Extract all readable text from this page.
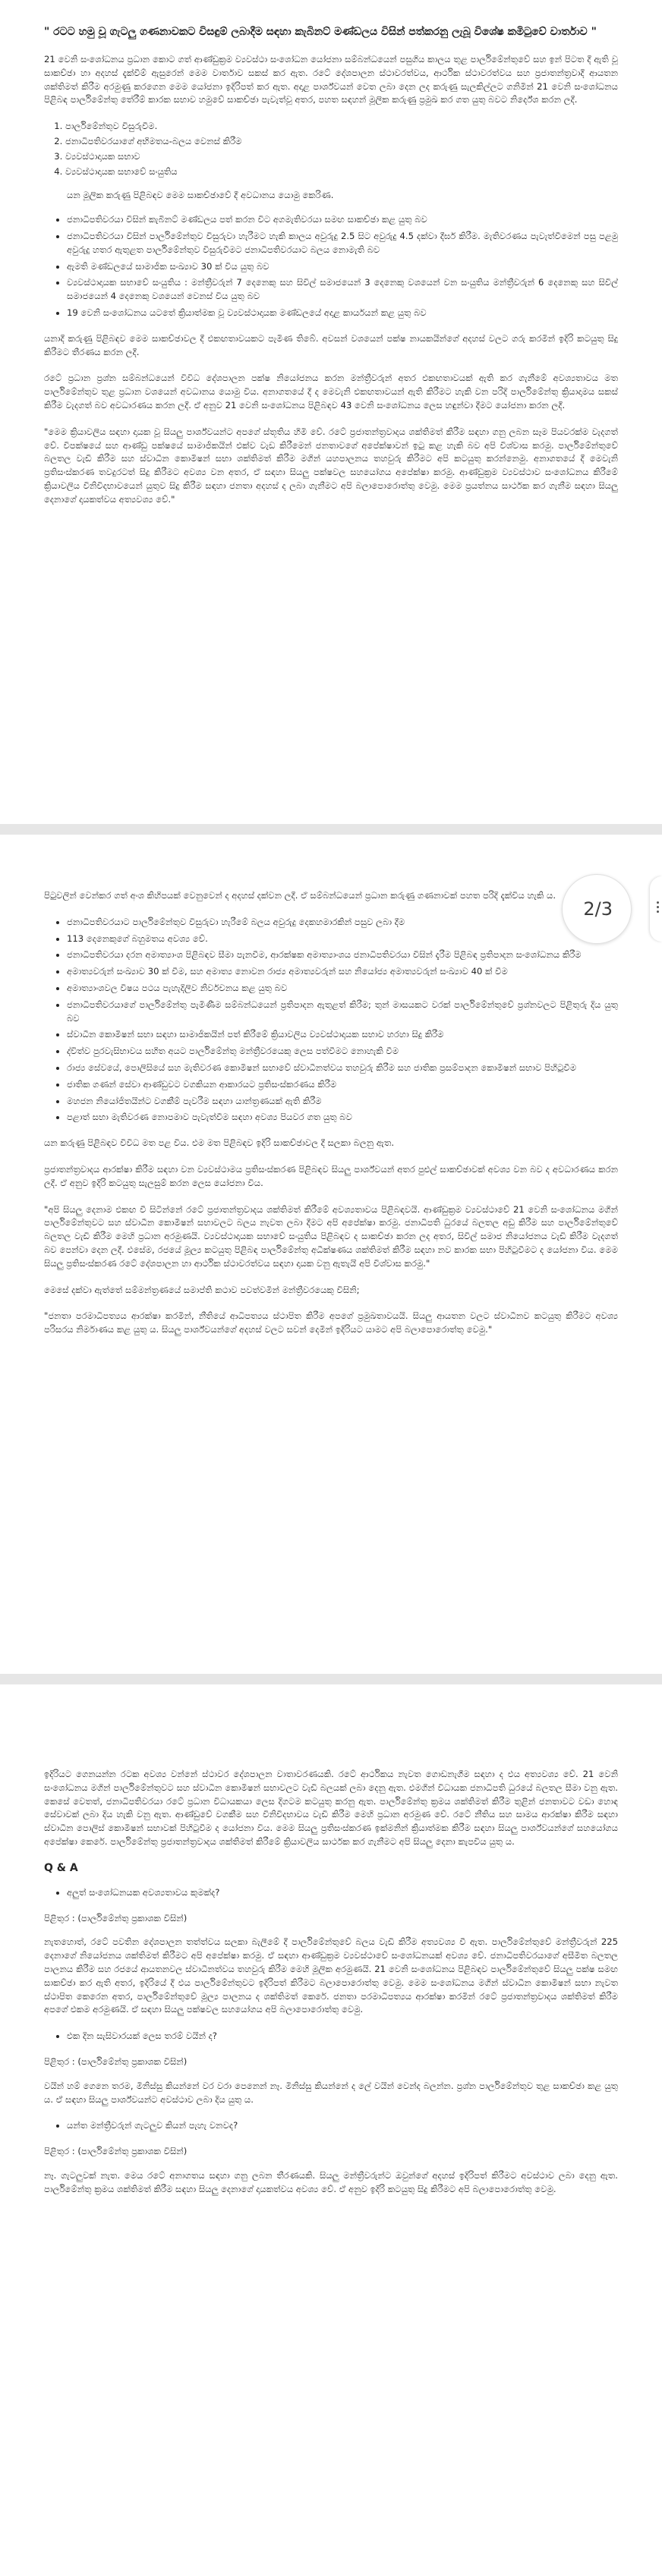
" රටට හමු වූ ගැටලු ගණනාවකට විසඳුම් ලබාදීම සඳහා කැබිනට් මණ්ඩලය විසින් පත්කරනු ලැබූ විශේෂ කමිටුවේ වාර්තාව "

21 වෙනි සංශෝධනය ප්‍රධාන කොට ගත් ආණ්ඩුක්‍රම ව්‍යවස්ථා සංශෝධන යෝජනා සම්බන්ධයෙන් පසුගිය කාලය තුළ පාර්ලිමේන්තුවේ සහ ඉන් පිටත දී ඇති වූ සාකච්ඡා හා අදහස් දැක්වීම් ඇසුරෙන් මෙම වාර්තාව සකස් කර ඇත. රටේ දේශපාලන ස්ථාවරත්වය, ආර්ථික ස්ථාවරත්වය සහ ප්‍රජාතන්ත්‍රවාදී ආයතන ශක්තිමත් කිරීම අරමුණු කරගෙන මෙම යෝජනා ඉදිරිපත් කර ඇත. අදාළ පාර්ශ්වයන් වෙත ලබා දෙන ලද කරුණු සැලකිල්ලට ගනිමින් 21 වෙනි සංශෝධනය පිළිබඳ පාර්ලිමේන්තු තේරීම් කාරක සභාව හමුවේ සාකච්ඡා පැවැත්වූ අතර, පහත සඳහන් මූලික කරුණු ප්‍රමුඛ කර ගත යුතු බවට නිර්දේශ කරන ලදී.

1. පාර්ලිමේන්තුව විසුරුවීම.
2. ජනාධිපතිවරයාගේ අභිමතය-බලය වෙනස් කිරීම
3. ව්‍යවස්ථාදායක සභාව
4. ව්‍යවස්ථාදායක සභාවේ සංයුතිය

යන මූලික කරුණු පිළිබඳව මෙම සාකච්ඡාවේ දී අවධානය යොමු කෙරිණ.

• ජනාධිපතිවරයා විසින් කැබිනට් මණ්ඩලය පත් කරන විට අගමැතිවරයා සමඟ සාකච්ඡා කළ යුතු බව
• ජනාධිපතිවරයා විසින් පාර්ලිමේන්තුව විසුරුවා හැරීමට හැකි කාලය අවුරුදු 2.5 සිට අවුරුදු 4.5 දක්වා දීර්ඝ කිරීම. මැතිවරණය පැවැත්වීමෙන් පසු පළමු අවුරුදු හතර ඇතුළත පාර්ලිමේන්තුව විසුරුවීමට ජනාධිපතිවරයාට බලය නොමැති බව
• ඇමති මණ්ඩලයේ සාමාජික සංඛ්‍යාව 30 ක් විය යුතු බව
• ව්‍යවස්ථාදායක සභාවේ සංයුතිය : මන්ත්‍රීවරුන් 7 දෙනෙකු සහ සිවිල් සමාජයෙන් 3 දෙනෙකු වශයෙන් වන සංයුතිය මන්ත්‍රීවරුන් 6 දෙනෙකු සහ සිවිල් සමාජයෙන් 4 දෙනෙකු වශයෙන් වෙනස් විය යුතු බව
• 19 වෙනි සංශෝධනය යටතේ ක්‍රියාත්මක වූ ව්‍යවස්ථාදායක මණ්ඩලයේ අදාළ කාර්යයන් කළ යුතු බව

යනාදී කරුණු පිළිබඳව මෙම සාකච්ඡාවල දී එකඟතාවයකට පැමිණ තිබේ. අවසන් වශයෙන් පක්ෂ නායකයින්ගේ අදහස් වලට ගරු කරමින් ඉදිරි කටයුතු සිදු කිරීමට තීරණය කරන ලදී.

රටේ ප්‍රධාන ප්‍රශ්න සම්බන්ධයෙන් විවිධ දේශපාලන පක්ෂ නියෝජනය කරන මන්ත්‍රීවරුන් අතර එකඟතාවයක් ඇති කර ගැනීමේ අවශ්‍යතාවය මත පාර්ලිමේන්තුව තුළ ප්‍රධාන වශයෙන් අවධානය යොමු විය. අනාගතයේ දී ද මෙවැනි එකඟතාවයන් ඇති කිරීමට හැකි වන පරිදි පාර්ලිමේන්තු ක්‍රියාදාමය සකස් කිරීම වැදගත් බව අවධාරණය කරන ලදී. ඒ අනුව 21 වෙනි සංශෝධනය පිළිබඳව 43 වෙනි සංශෝධනය ලෙස හඳුන්වා දීමට යෝජනා කරන ලදී.

"මෙම ක්‍රියාවලිය සඳහා දායක වූ සියලු පාර්ශ්වයන්ට අපගේ ස්තූතිය හිමි වේ. රටේ ප්‍රජාතන්ත්‍රවාදය ශක්තිමත් කිරීම සඳහා ගනු ලබන සෑම පියවරක්ම වැදගත් වේ. විපක්ෂයේ සහ ආණ්ඩු පක්ෂයේ සාමාජිකයින් එක්ව වැඩ කිරීමෙන් ජනතාවගේ අපේක්ෂාවන් ඉටු කළ හැකි බව අපි විශ්වාස කරමු. පාර්ලිමේන්තුවේ බලතල වැඩි කිරීම සහ ස්වාධීන කොමිෂන් සභා ශක්තිමත් කිරීම මගින් යහපාලනය තහවුරු කිරීමට අපි කටයුතු කරන්නෙමු. අනාගතයේ දී මෙවැනි ප්‍රතිසංස්කරණ තවදුරටත් සිදු කිරීමට අවශ්‍ය වන අතර, ඒ සඳහා සියලු පක්ෂවල සහයෝගය අපේක්ෂා කරමු. ආණ්ඩුක්‍රම ව්‍යවස්ථාව සංශෝධනය කිරීමේ ක්‍රියාවලිය විනිවිදභාවයෙන් යුතුව සිදු කිරීම සඳහා ජනතා අදහස් ද ලබා ගැනීමට අපි බලාපොරොත්තු වෙමු. මෙම ප්‍රයත්නය සාර්ථක කර ගැනීම සඳහා සියලු දෙනාගේ දායකත්වය අත්‍යවශ්‍ය වේ."

පිටුවලින් වෙන්කර ගත් අංශ කිහිපයක් වෙනුවෙන් ද අදහස් දක්වන ලදී. ඒ සම්බන්ධයෙන් ප්‍රධාන කරුණු ගණනාවක් පහත පරිදි දැක්විය හැකි ය.

• ජනාධිපතිවරයාට පාර්ලිමේන්තුව විසුරුවා හැරීමේ බලය අවුරුදු දෙකහමාරකින් පසුව ලබා දීම
• 113 දෙනෙකුගේ බහුමතය අවශ්‍ය වේ.
• ජනාධිපතිවරයා දරන අමාත්‍යාංශ පිළිබඳව සීමා පැනවීම, ආරක්ෂක අමාත්‍යාංශය ජනාධිපතිවරයා විසින් දැරීම පිළිබඳ ප්‍රතිපාදන සංශෝධනය කිරීම
• අමාත්‍යවරුන් සංඛ්‍යාව 30 ක් වීම, සහ අමාත්‍ය නොවන රාජ්‍ය අමාත්‍යවරුන් සහ නියෝජ්‍ය අමාත්‍යවරුන් සංඛ්‍යාව 40 ක් වීම
• අමාත්‍යාංශවල විෂය පථය පැහැදිලිව නිර්වචනය කළ යුතු බව
• ජනාධිපතිවරයාගේ පාර්ලිමේන්තු පැමිණීම සම්බන්ධයෙන් ප්‍රතිපාදන ඇතුළත් කිරීම; තුන් මාසයකට වරක් පාර්ලිමේන්තුවේ ප්‍රශ්නවලට පිළිතුරු දිය යුතු බව
• ස්වාධීන කොමිෂන් සභා සඳහා සාමාජිකයින් පත් කිරීමේ ක්‍රියාවලිය ව්‍යවස්ථාදායක සභාව හරහා සිදු කිරීම
• ද්විත්ව පුරවැසිභාවය සහිත අයට පාර්ලිමේන්තු මන්ත්‍රීවරයෙකු ලෙස පත්වීමට නොහැකි වීම
• රාජ්‍ය සේවයේ, පොලිසියේ සහ මැතිවරණ කොමිෂන් සභාවේ ස්වාධීනත්වය තහවුරු කිරීම සහ ජාතික ප්‍රසම්පාදන කොමිෂන් සභාව පිහිටුවීම
• ජාතික ගණන් සේවා ආණ්ඩුවට වගකියන ආකාරයට ප්‍රතිසංස්කරණය කිරීම
• මහජන නියෝජිතයින්ට වගකීම් පැවරීම සඳහා යාන්ත්‍රණයක් ඇති කිරීම
• පළාත් සභා මැතිවරණ නොපමාව පැවැත්වීම සඳහා අවශ්‍ය පියවර ගත යුතු බව

යන කරුණු පිළිබඳව විවිධ මත පළ විය. එම මත පිළිබඳව ඉදිරි සාකච්ඡාවල දී සලකා බලනු ඇත.

ප්‍රජාතන්ත්‍රවාදය ආරක්ෂා කිරීම සඳහා වන ව්‍යවස්ථාමය ප්‍රතිසංස්කරණ පිළිබඳව සියලු පාර්ශ්වයන් අතර පුළුල් සාකච්ඡාවක් අවශ්‍ය වන බව ද අවධාරණය කරන ලදී. ඒ අනුව ඉදිරි කටයුතු සැලසුම් කරන ලෙස යෝජනා විය.

"අපි සියලු දෙනාම එකඟ වී සිටින්නේ රටේ ප්‍රජාතන්ත්‍රවාදය ශක්තිමත් කිරීමේ අවශ්‍යතාවය පිළිබඳවයි. ආණ්ඩුක්‍රම ව්‍යවස්ථාවේ 21 වෙනි සංශෝධනය මගින් පාර්ලිමේන්තුවට සහ ස්වාධීන කොමිෂන් සභාවලට බලය නැවත ලබා දීමට අපි අපේක්ෂා කරමු. ජනාධිපති ධුරයේ බලතල අඩු කිරීම සහ පාර්ලිමේන්තුවේ බලතල වැඩි කිරීම මෙහි ප්‍රධාන අරමුණයි. ව්‍යවස්ථාදායක සභාවේ සංයුතිය පිළිබඳව ද සාකච්ඡා කරන ලද අතර, සිවිල් සමාජ නියෝජනය වැඩි කිරීම වැදගත් බව පෙන්වා දෙන ලදී. එසේම, රජයේ මූල්‍ය කටයුතු පිළිබඳ පාර්ලිමේන්තු අධීක්ෂණය ශක්තිමත් කිරීම සඳහා නව කාරක සභා පිහිටුවීමට ද යෝජනා විය. මෙම සියලු ප්‍රතිසංස්කරණ රටේ දේශපාලන හා ආර්ථික ස්ථාවරත්වය සඳහා දායක වනු ඇතැයි අපි විශ්වාස කරමු."

මෙසේ දක්වා ඇත්තේ සම්මන්ත්‍රණයේ සමාප්ති කථාව පවත්වමින් මන්ත්‍රීවරයෙකු විසිනි;

"ජනතා පරමාධිපත්‍යය ආරක්ෂා කරමින්, නීතියේ ආධිපත්‍යය ස්ථාපිත කිරීම අපගේ ප්‍රමුඛතාවයයි. සියලු ආයතන වලට ස්වාධීනව කටයුතු කිරීමට අවශ්‍ය පරිසරය නිර්මාණය කළ යුතු ය. සියලු පාර්ශ්වයන්ගේ අදහස් වලට සවන් දෙමින් ඉදිරියට යාමට අපි බලාපොරොත්තු වෙමු."

ඉදිරියට ගෙනයන්න රටක අවශ්‍ය වන්නේ ස්ථාවර දේශපාලන වාතාවරණයකි. රටේ ආර්ථිකය නැවත ගොඩනැගීම සඳහා ද එය අත්‍යවශ්‍ය වේ. 21 වෙනි සංශෝධනය මගින් පාර්ලිමේන්තුවට සහ ස්වාධීන කොමිෂන් සභාවලට වැඩි බලයක් ලබා දෙනු ඇත. එමගින් විධායක ජනාධිපති ධුරයේ බලතල සීමා වනු ඇත. කෙසේ වෙතත්, ජනාධිපතිවරයා රටේ ප්‍රධාන විධායකයා ලෙස දිගටම කටයුතු කරනු ඇත. පාර්ලිමේන්තු ක්‍රමය ශක්තිමත් කිරීම තුළින් ජනතාවට වඩා හොඳ සේවාවක් ලබා දිය හැකි වනු ඇත. ආණ්ඩුවේ වගකීම සහ විනිවිදභාවය වැඩි කිරීම මෙහි ප්‍රධාන අරමුණ වේ. රටේ නීතිය සහ සාමය ආරක්ෂා කිරීම සඳහා ස්වාධීන පොලිස් කොමිෂන් සභාවක් පිහිටුවීම ද යෝජනා විය. මෙම සියලු ප්‍රතිසංස්කරණ ඉක්මනින් ක්‍රියාත්මක කිරීම සඳහා සියලු පාර්ශ්වයන්ගේ සහයෝගය අපේක්ෂා කෙරේ. පාර්ලිමේන්තු ප්‍රජාතන්ත්‍රවාදය ශක්තිමත් කිරීමේ ක්‍රියාවලිය සාර්ථක කර ගැනීමට අපි සියලු දෙනා කැපවිය යුතු ය.

Q & A
• අලුත් සංශෝධනයක අවශ්‍යතාවය කුමක්ද?

පිළිතුර : (පාර්ලිමේන්තු ප්‍රකාශක විසින්)

නැතහොත්, රටේ පවතින දේශපාලන තත්ත්වය සලකා බැලීමේ දී පාර්ලිමේන්තුවේ බලය වැඩි කිරීම අත්‍යවශ්‍ය වී ඇත. පාර්ලිමේන්තුවේ මන්ත්‍රීවරුන් 225 දෙනාගේ නියෝජනය ශක්තිමත් කිරීමට අපි අපේක්ෂා කරමු. ඒ සඳහා ආණ්ඩුක්‍රම ව්‍යවස්ථාවේ සංශෝධනයක් අවශ්‍ය වේ. ජනාධිපතිවරයාගේ අසීමිත බලතල පාලනය කිරීම සහ රජයේ ආයතනවල ස්වාධීනත්වය තහවුරු කිරීම මෙහි මූලික අරමුණයි. 21 වෙනි සංශෝධනය පිළිබඳව පාර්ලිමේන්තුවේ සියලු පක්ෂ සමඟ සාකච්ඡා කර ඇති අතර, ඉදිරියේ දී එය පාර්ලිමේන්තුවට ඉදිරිපත් කිරීමට බලාපොරොත්තු වෙමු. මෙම සංශෝධනය මගින් ස්වාධීන කොමිෂන් සභා නැවත ස්ථාපිත කෙරෙන අතර, පාර්ලිමේන්තුවේ මූල්‍ය පාලනය ද ශක්තිමත් කෙරේ. ජනතා පරමාධිපත්‍යය ආරක්ෂා කරමින් රටේ ප්‍රජාතන්ත්‍රවාදය ශක්තිමත් කිරීම අපගේ එකම අරමුණයි. ඒ සඳහා සියලු පක්ෂවල සහයෝගය අපි බලාපොරොත්තු වෙමු.

• එක දින සැසිවාරයක් ලෙස තරම් වයින් ද?

පිළිතුර : (පාර්ලිමේන්තු ප්‍රකාශක විසින්)

වයින් හම් ගෙනෙ තරම, මිනිස්සු කියන්නේ වර වරා පෙනෙන් නෑ. මිනිස්සු කියන්නේ ද ලේ වයින් වෙන්ද බලන්න. ප්‍රශ්න පාර්ලිමේන්තුව තුළ සාකච්ඡා කළ යුතු ය. ඒ සඳහා සියලු පාර්ශ්වයන්ට අවස්ථාව ලබා දිය යුතු ය.

• යන්ත මන්ත්‍රීවරුන් ගැටලුව කියන් පැහැ වනවද?

පිළිතුර : (පාර්ලිමේන්තු ප්‍රකාශක විසින්)

නෑ. ගැටලුවක් නැත. මෙය රටේ අනාගතය සඳහා ගනු ලබන තීරණයකි. සියලු මන්ත්‍රීවරුන්ට ඔවුන්ගේ අදහස් ඉදිරිපත් කිරීමට අවස්ථාව ලබා දෙනු ඇත. පාර්ලිමේන්තු ක්‍රමය ශක්තිමත් කිරීම සඳහා සියලු දෙනාගේ දායකත්වය අවශ්‍ය වේ. ඒ අනුව ඉදිරි කටයුතු සිදු කිරීමට අපි බලාපොරොත්තු වෙමු.

2/3
